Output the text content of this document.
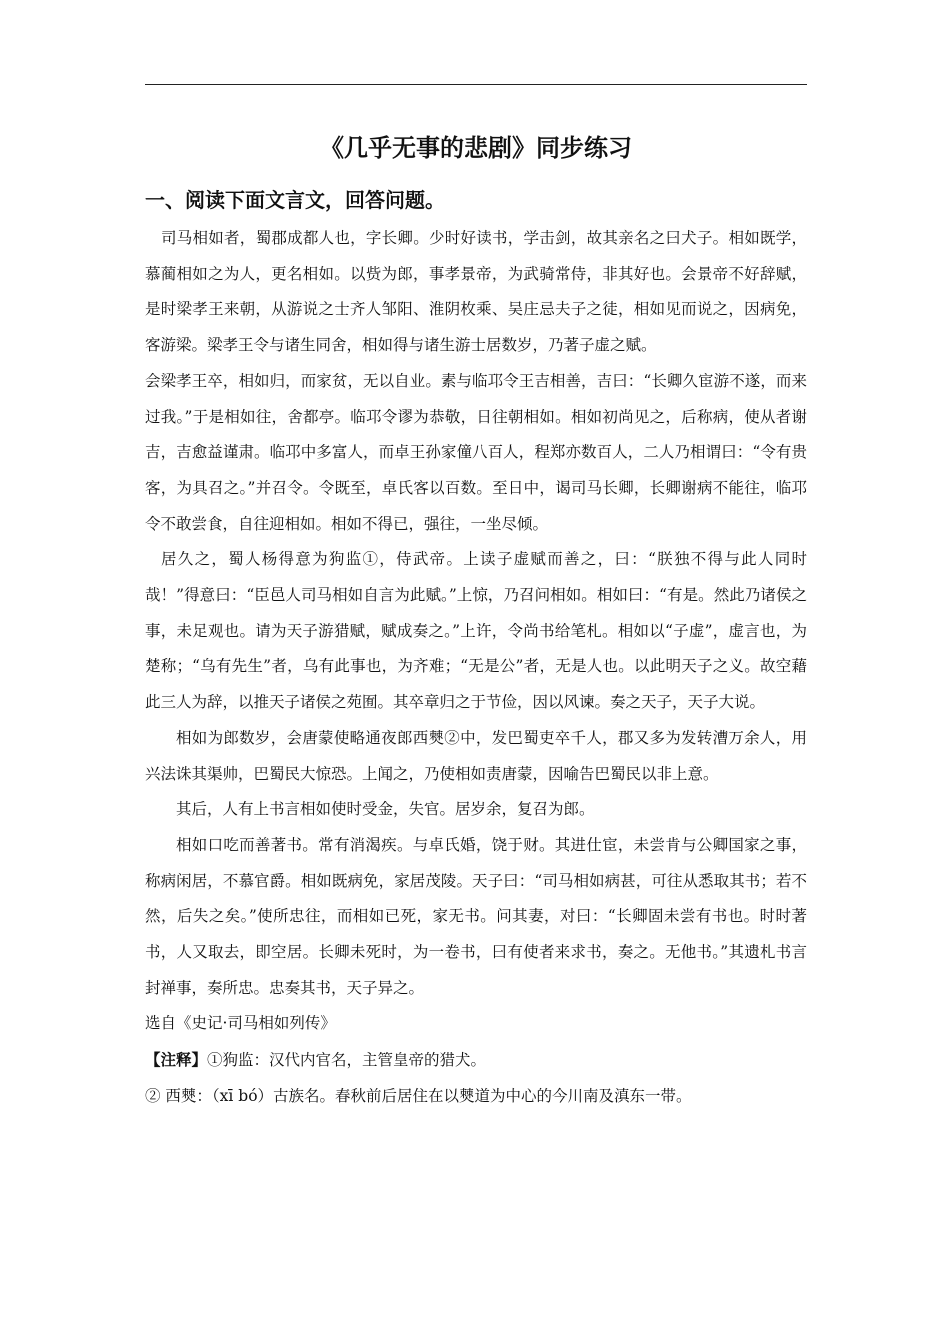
《几乎无事的悲剧》同步练习
一、阅读下面文言文，回答问题。

司马相如者，蜀郡成都人也，字长卿。少时好读书，学击剑，故其亲名之曰犬子。相如既学，慕蔺相如之为人，更名相如。以赀为郎，事孝景帝，为武骑常侍，非其好也。会景帝不好辞赋，是时梁孝王来朝，从游说之士齐人邹阳、淮阴枚乘、吴庄忌夫子之徒，相如见而说之，因病免，客游梁。梁孝王令与诸生同舍，相如得与诸生游士居数岁，乃著子虚之赋。

会梁孝王卒，相如归，而家贫，无以自业。素与临邛令王吉相善，吉曰：“长卿久宦游不遂，而来过我。”于是相如往，舍都亭。临邛令谬为恭敬，日往朝相如。相如初尚见之，后称病，使从者谢吉，吉愈益谨肃。临邛中多富人，而卓王孙家僮八百人，程郑亦数百人，二人乃相谓曰：“令有贵客，为具召之。”并召令。令既至，卓氏客以百数。至日中，谒司马长卿，长卿谢病不能往，临邛令不敢尝食，自往迎相如。相如不得已，强往，一坐尽倾。

居久之，蜀人杨得意为狗监①，侍武帝。上读子虚赋而善之，曰：“朕独不得与此人同时哉！”得意曰：“臣邑人司马相如自言为此赋。”上惊，乃召问相如。相如曰：“有是。然此乃诸侯之事，未足观也。请为天子游猎赋，赋成奏之。”上许，令尚书给笔札。相如以“子虚”，虚言也，为楚称；“乌有先生”者，乌有此事也，为齐难；“无是公”者，无是人也。以此明天子之义。故空藉此三人为辞，以推天子诸侯之苑囿。其卒章归之于节俭，因以风谏。奏之天子，天子大说。

相如为郎数岁，会唐蒙使略通夜郎西僰②中，发巴蜀吏卒千人，郡又多为发转漕万余人，用兴法诛其渠帅，巴蜀民大惊恐。上闻之，乃使相如责唐蒙，因喻告巴蜀民以非上意。

其后，人有上书言相如使时受金，失官。居岁余，复召为郎。

相如口吃而善著书。常有消渴疾。与卓氏婚，饶于财。其进仕宦，未尝肯与公卿国家之事，称病闲居，不慕官爵。相如既病免，家居茂陵。天子曰：“司马相如病甚，可往从悉取其书；若不然，后失之矣。”使所忠往，而相如已死，家无书。问其妻，对曰：“长卿固未尝有书也。时时著书，人又取去，即空居。长卿未死时，为一卷书，曰有使者来求书，奏之。无他书。”其遗札书言封禅事，奏所忠。忠奏其书，天子异之。

选自《史记·司马相如列传》

【注释】①狗监：汉代内官名，主管皇帝的猎犬。

② 西僰：（xī bó）古族名。春秋前后居住在以僰道为中心的今川南及滇东一带。
